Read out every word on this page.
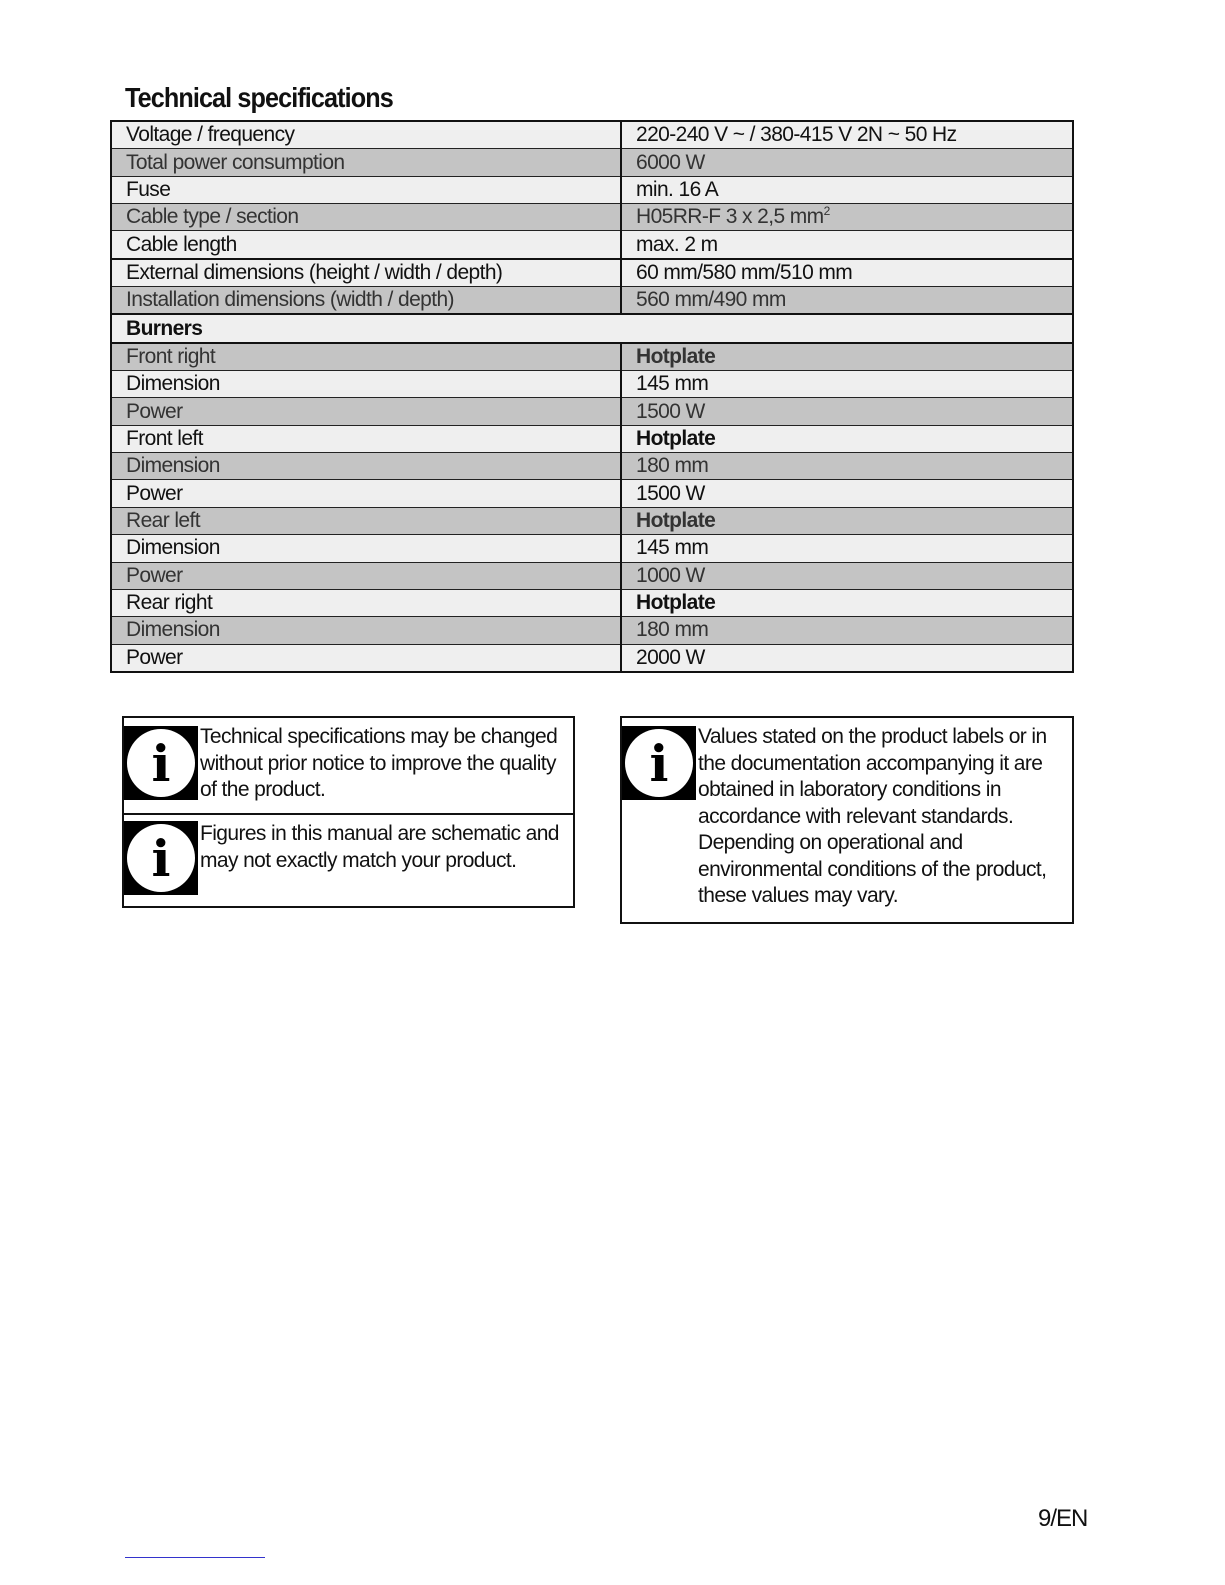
Technical specifications
Voltage / frequency	220-240 V ~ / 380-415 V 2N ~ 50 Hz
Total power consumption	6000 W
Fuse	min. 16 A
Cable type / section	H05RR-F 3 x 2,5 $mm^2$
Cable length	max. 2 m
External dimensions (height / width / depth)	60 mm/580 mm/510 mm
Installation dimensions (width / depth)	560 mm/490 mm
Burners	
Front right	Hotplate
Dimension	145 mm
Power	1500 W
Front left	Hotplate
Dimension	180 mm
Power	1500 W
Rear left	Hotplate
Dimension	145 mm
Power	1000 W
Rear right	Hotplate
Dimension	180 mm
Power	2000 W
i	Technical specifications may be changed without prior notice to improve the quality of the product.
i	Figures in this manual are schematic and may not exactly match your product.
i	Values stated on the product labels or in the documentation accompanying it are obtained in laboratory conditions in accordance with relevant standards. Depending on operational and environmental conditions of the product, these values may vary.
9/EN
